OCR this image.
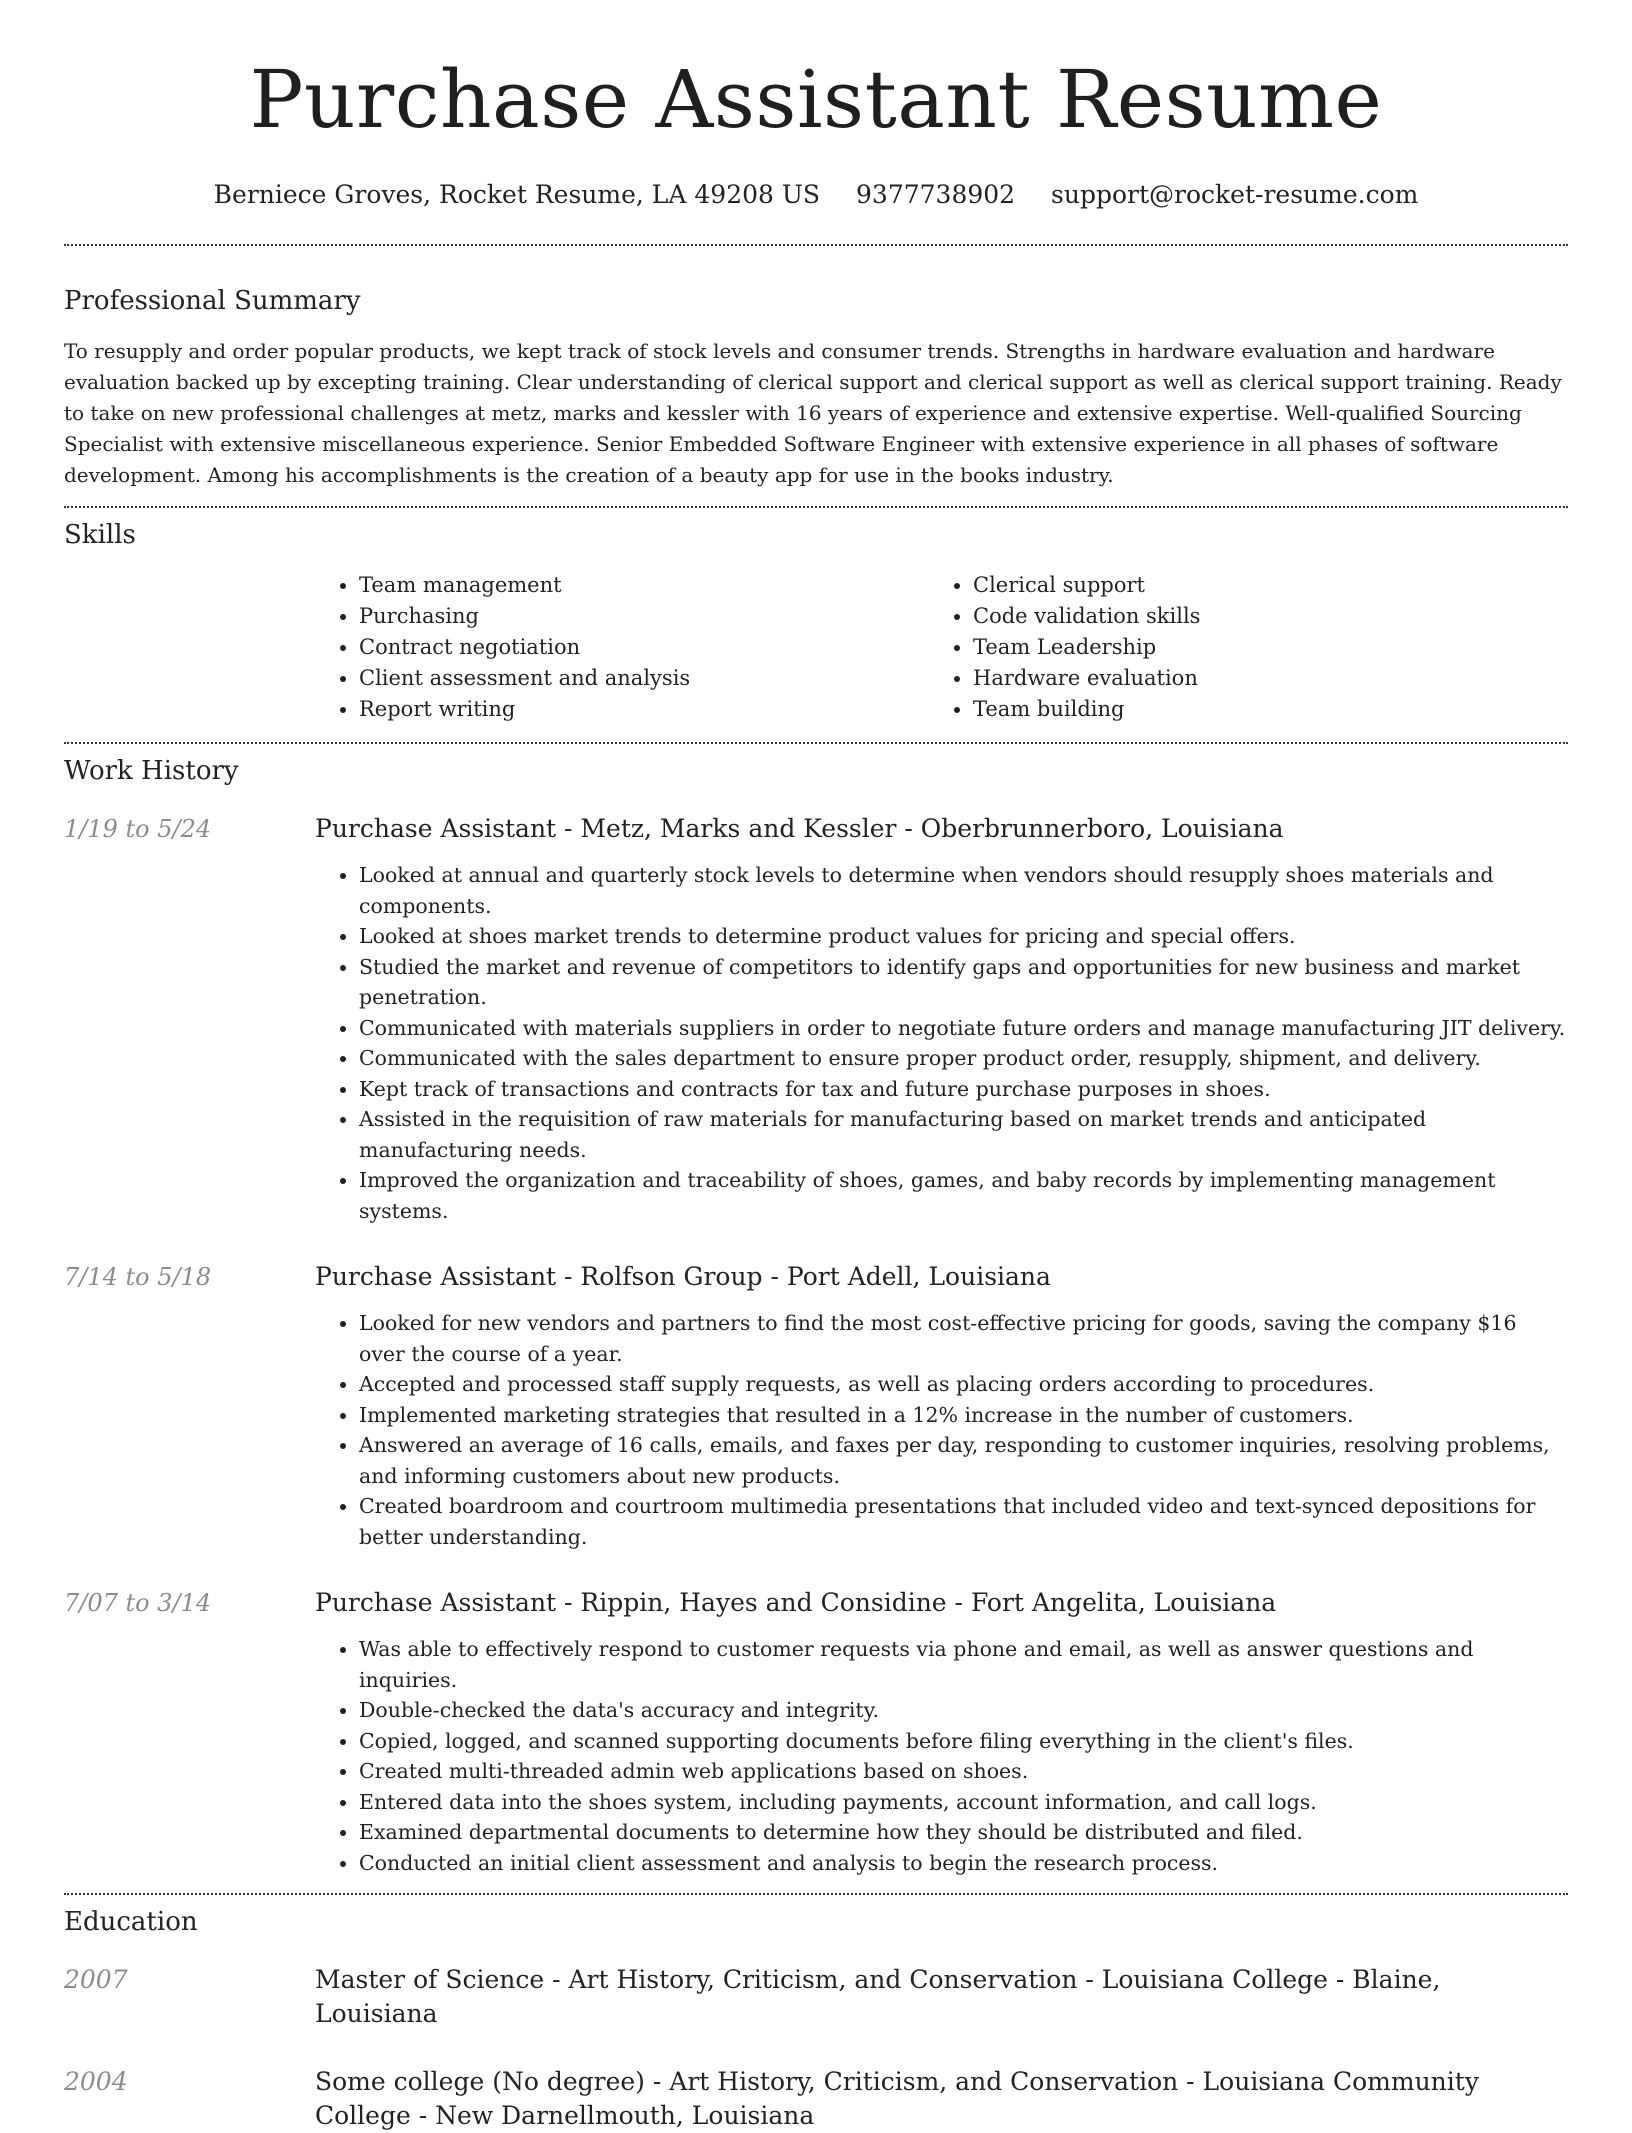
Purchase Assistant Resume
Berniece Groves, Rocket Resume, LA 49208 US 9377738902 support@rocket-resume.com
Professional Summary

To resupply and order popular products, we kept track of stock levels and consumer trends. Strengths in hardware evaluation and hardware evaluation backed up by excepting training. Clear understanding of clerical support and clerical support as well as clerical support training. Ready to take on new professional challenges at metz, marks and kessler with 16 years of experience and extensive expertise. Well-qualified Sourcing Specialist with extensive miscellaneous experience. Senior Embedded Software Engineer with extensive experience in all phases of software development. Among his accomplishments is the creation of a beauty app for use in the books industry.

Skills
• Team management
• Purchasing
• Contract negotiation
• Client assessment and analysis
• Report writing
• Clerical support
• Code validation skills
• Team Leadership
• Hardware evaluation
• Team building
Work History
1/19 to 5/24	Purchase Assistant - Metz, Marks and Kessler - Oberbrunnerboro, Louisiana
• Looked at annual and quarterly stock levels to determine when vendors should resupply shoes materials and components.
• Looked at shoes market trends to determine product values for pricing and special offers.
• Studied the market and revenue of competitors to identify gaps and opportunities for new business and market penetration.
• Communicated with materials suppliers in order to negotiate future orders and manage manufacturing JIT delivery.
• Communicated with the sales department to ensure proper product order, resupply, shipment, and delivery.
• Kept track of transactions and contracts for tax and future purchase purposes in shoes.
• Assisted in the requisition of raw materials for manufacturing based on market trends and anticipated manufacturing needs.
• Improved the organization and traceability of shoes, games, and baby records by implementing management systems.
7/14 to 5/18	Purchase Assistant - Rolfson Group - Port Adell, Louisiana
• Looked for new vendors and partners to find the most cost-effective pricing for goods, saving the company $16 over the course of a year.
• Accepted and processed staff supply requests, as well as placing orders according to procedures.
• Implemented marketing strategies that resulted in a 12% increase in the number of customers.
• Answered an average of 16 calls, emails, and faxes per day, responding to customer inquiries, resolving problems, and informing customers about new products.
• Created boardroom and courtroom multimedia presentations that included video and text-synced depositions for better understanding.
7/07 to 3/14	Purchase Assistant - Rippin, Hayes and Considine - Fort Angelita, Louisiana
• Was able to effectively respond to customer requests via phone and email, as well as answer questions and inquiries.
• Double-checked the data's accuracy and integrity.
• Copied, logged, and scanned supporting documents before filing everything in the client's files.
• Created multi-threaded admin web applications based on shoes.
• Entered data into the shoes system, including payments, account information, and call logs.
• Examined departmental documents to determine how they should be distributed and filed.
• Conducted an initial client assessment and analysis to begin the research process.
Education
2007	Master of Science - Art History, Criticism, and Conservation - Louisiana College - Blaine, Louisiana
2004	Some college (No degree) - Art History, Criticism, and Conservation - Louisiana Community College - New Darnellmouth, Louisiana
